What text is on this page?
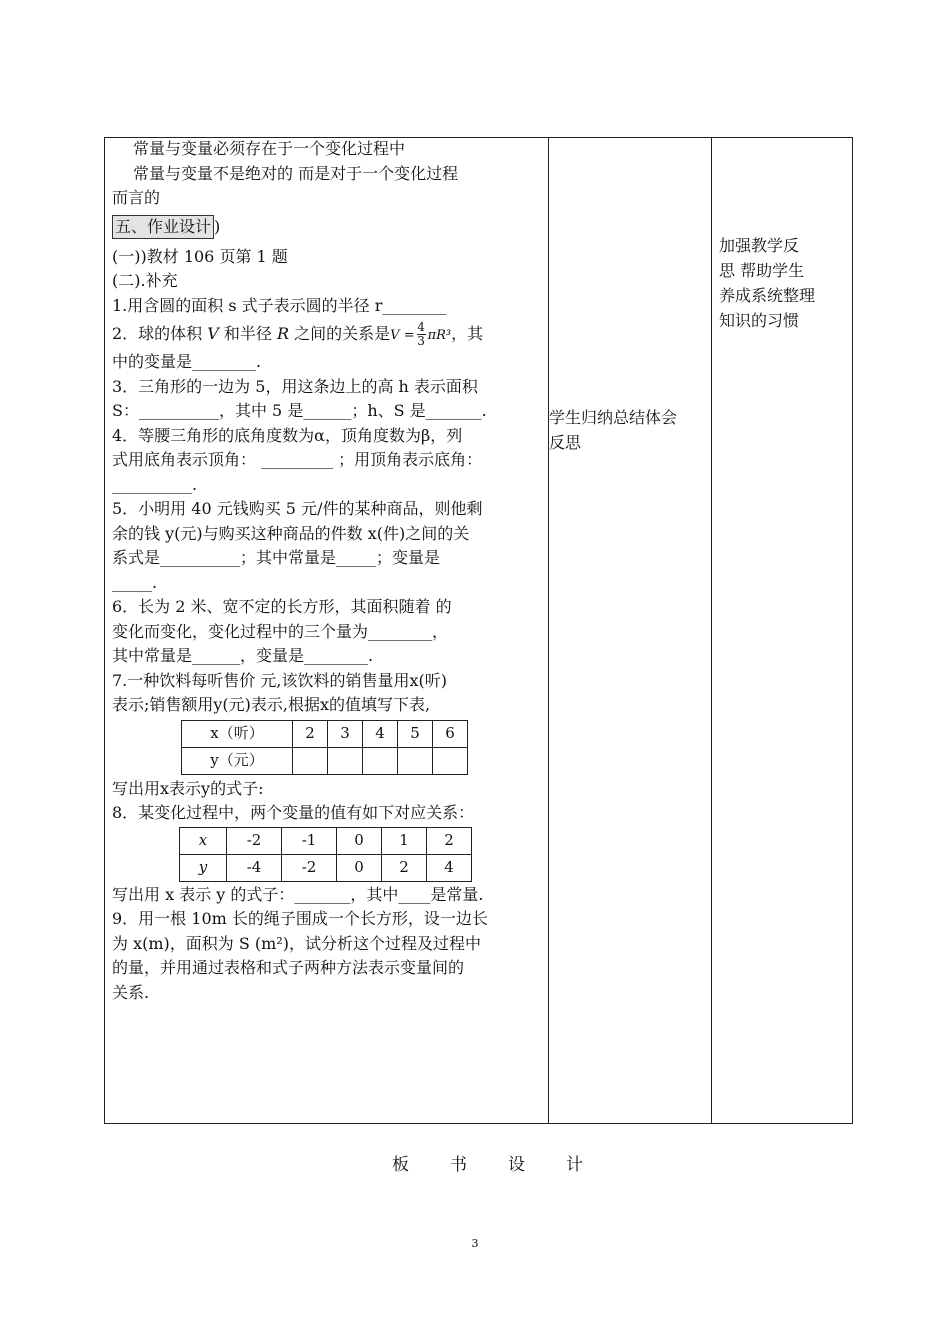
常量与变量必须存在于一个变化过程中
常量与变量不是绝对的 而是对于一个变化过程
而言的
五、作业设计 )
(一))教材 106 页第 1 题
(二).补充
1.用含圆的面积 s 式子表示圆的半径 r________
2．球的体积 V 和半径 R 之间的关系是$V = \frac{4}{3} \pi R^3$，其
中的变量是________.
3．三角形的一边为 5，用这条边上的高 h 表示面积
S：__________，其中 5 是______；h、S 是_______.
4．等腰三角形的底角度数为α，顶角度数为β，列
式用底角表示顶角： _________ ；用顶角表示底角：
__________.
5．小明用 40 元钱购买 5 元/件的某种商品，则他剩
余的钱 y(元)与购买这种商品的件数 x(件)之间的关
系式是__________；其中常量是_____；变量是
_____.
6．长为 2 米、宽不定的长方形，其面积随着 的
变化而变化，变化过程中的三个量为________，
其中常量是______，变量是________.
7.一种饮料每听售价 元,该饮料的销售量用x(听)
表示;销售额用y(元)表示,根据x的值填写下表,
x（听）	2	3	4	5	6
y（元）					
写出用x表示y的式子:
8．某变化过程中，两个变量的值有如下对应关系：
x	-2	-1	0	1	2
y	-4	-2	0	2	4
写出用 x 表示 y 的式子：_______，其中____是常量.
9．用一根 10m 长的绳子围成一个长方形，设一边长
为 x(m)，面积为 S (m²)，试分析这个过程及过程中
的量，并用通过表格和式子两种方法表示变量间的
关系.
学生归纳总结体会
反思
加强教学反
思 帮助学生
养成系统整理
知识的习惯
板 书 设 计
3
